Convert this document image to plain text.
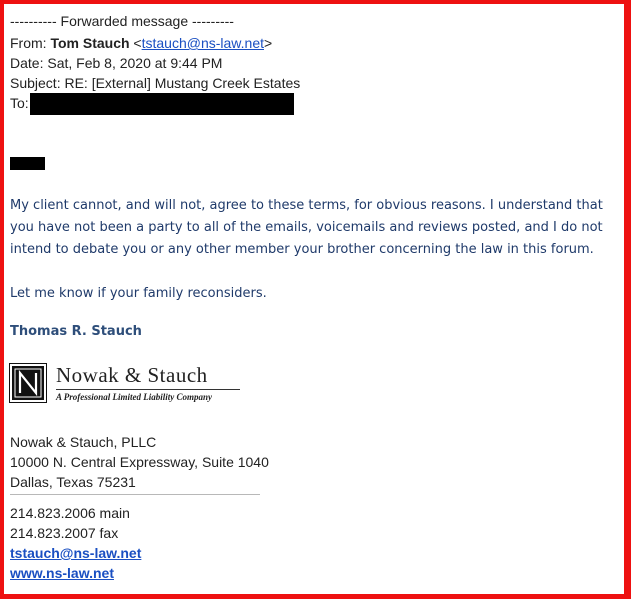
---------- Forwarded message ---------
From: Tom Stauch <tstauch@ns-law.net>
Date: Sat, Feb 8, 2020 at 9:44 PM
Subject: RE: [External] Mustang Creek Estates
To:
My client cannot, and will not, agree to these terms, for obvious reasons. I understand that you have not been a party to all of the emails, voicemails and reviews posted, and I do not intend to debate you or any other member your brother concerning the law in this forum.
Let me know if your family reconsiders.
Thomas R. Stauch
Nowak & Stauch
A Professional Limited Liability Company
Nowak & Stauch, PLLC
10000 N. Central Expressway, Suite 1040
Dallas, Texas 75231
214.823.2006 main
214.823.2007 fax
tstauch@ns-law.net
www.ns-law.net
